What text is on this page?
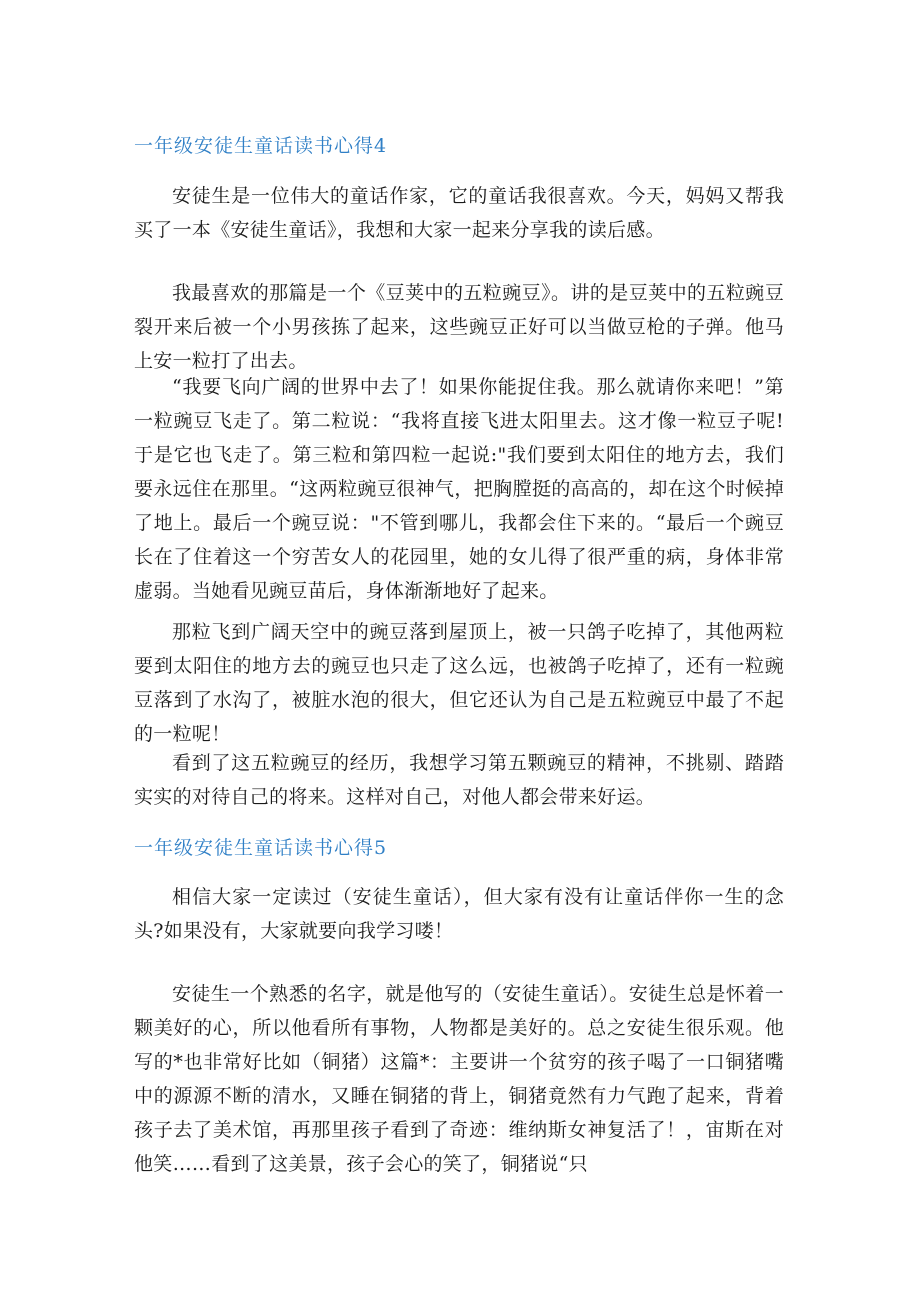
一年级安徒生童话读书心得4
安徒生是一位伟大的童话作家，它的童话我很喜欢。今天，妈妈又帮我买了一本《安徒生童话》，我想和大家一起来分享我的读后感。
我最喜欢的那篇是一个《豆荚中的五粒豌豆》。讲的是豆荚中的五粒豌豆裂开来后被一个小男孩拣了起来，这些豌豆正好可以当做豆枪的子弹。他马上安一粒打了出去。
“我要飞向广阔的世界中去了！如果你能捉住我。那么就请你来吧！”第一粒豌豆飞走了。第二粒说：“我将直接飞进太阳里去。这才像一粒豆子呢!于是它也飞走了。第三粒和第四粒一起说:"我们要到太阳住的地方去，我们要永远住在那里。“这两粒豌豆很神气，把胸膛挺的高高的，却在这个时候掉了地上。最后一个豌豆说："不管到哪儿，我都会住下来的。“最后一个豌豆长在了住着这一个穷苦女人的花园里，她的女儿得了很严重的病，身体非常虚弱。当她看见豌豆苗后，身体渐渐地好了起来。
那粒飞到广阔天空中的豌豆落到屋顶上，被一只鸽子吃掉了，其他两粒要到太阳住的地方去的豌豆也只走了这么远，也被鸽子吃掉了，还有一粒豌豆落到了水沟了，被脏水泡的很大，但它还认为自己是五粒豌豆中最了不起的一粒呢！
看到了这五粒豌豆的经历，我想学习第五颗豌豆的精神，不挑剔、踏踏实实的对待自己的将来。这样对自己，对他人都会带来好运。
一年级安徒生童话读书心得5
相信大家一定读过（安徒生童话），但大家有没有让童话伴你一生的念头?如果没有，大家就要向我学习喽！
安徒生一个熟悉的名字，就是他写的（安徒生童话）。安徒生总是怀着一颗美好的心，所以他看所有事物，人物都是美好的。总之安徒生很乐观。他写的*也非常好比如（铜猪）这篇*：主要讲一个贫穷的孩子喝了一口铜猪嘴中的源源不断的清水，又睡在铜猪的背上，铜猪竟然有力气跑了起来，背着孩子去了美术馆，再那里孩子看到了奇迹：维纳斯女神复活了！，宙斯在对他笑……看到了这美景，孩子会心的笑了，铜猪说“只
